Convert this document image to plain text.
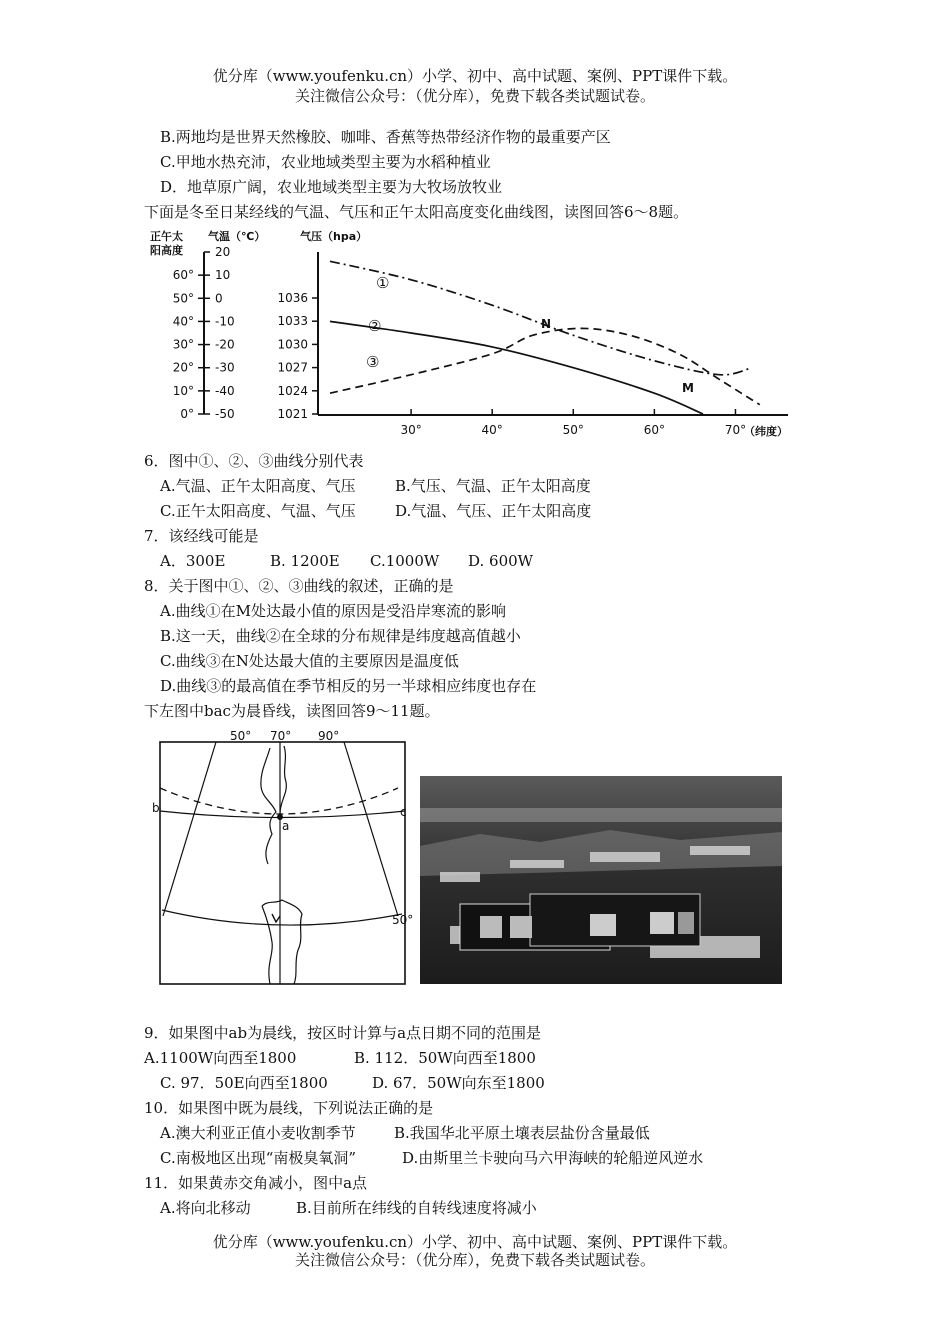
优分库（www.youfenku.cn）小学、初中、高中试题、案例、PPT课件下载。
关注微信公众号：（优分库），免费下载各类试题试卷。
B.两地均是世界天然橡胶、咖啡、香蕉等热带经济作物的最重要产区
C.甲地水热充沛，农业地域类型主要为水稻种植业
D．地草原广阔，农业地域类型主要为大牧场放牧业
下面是冬至日某经线的气温、气压和正午太阳高度变化曲线图，读图回答6～8题。
正午太
阳高度
气温（℃）	气压（hpa）
（纬度）
20
10
0
-10
-20
-30
-40
-50
60°
50°
40°
30°
20°
10°
0°
1036
1033
1030
1027
1024
1021
30°	40°	50°	60°	70°
①
②
③
N
M
6．图中①、②、③曲线分别代表
A.气温、正午太阳高度、气压	B.气压、气温、正午太阳高度
C.正午太阳高度、气温、气压	D.气温、气压、正午太阳高度
7．该经线可能是
A．300E	B. 1200E C.1000W D. 600W
8．关于图中①、②、③曲线的叙述，正确的是
A.曲线①在M处达最小值的原因是受沿岸寒流的影响
B.这一天，曲线②在全球的分布规律是纬度越高值越小
C.曲线③在N处达最大值的主要原因是温度低
D.曲线③的最高值在季节相反的另一半球相应纬度也存在
下左图中bac为晨昏线，读图回答9～11题。
50° 70° 90°
50°
b
a
c
9．如果图中ab为晨线，按区时计算与a点日期不同的范围是
A.1100W向西至1800	B. 112．50W向西至1800
C. 97．50E向西至1800	D. 67．50W向东至1800
10．如果图中既为晨线，下列说法正确的是
A.澳大利亚正值小麦收割季节	B.我国华北平原土壤表层盐份含量最低
C.南极地区出现“南极臭氧洞”	D.由斯里兰卡驶向马六甲海峡的轮船逆风逆水
11．如果黄赤交角减小，图中a点
A.将向北移动	B.目前所在纬线的自转线速度将减小
优分库（www.youfenku.cn）小学、初中、高中试题、案例、PPT课件下载。
关注微信公众号：（优分库），免费下载各类试题试卷。
